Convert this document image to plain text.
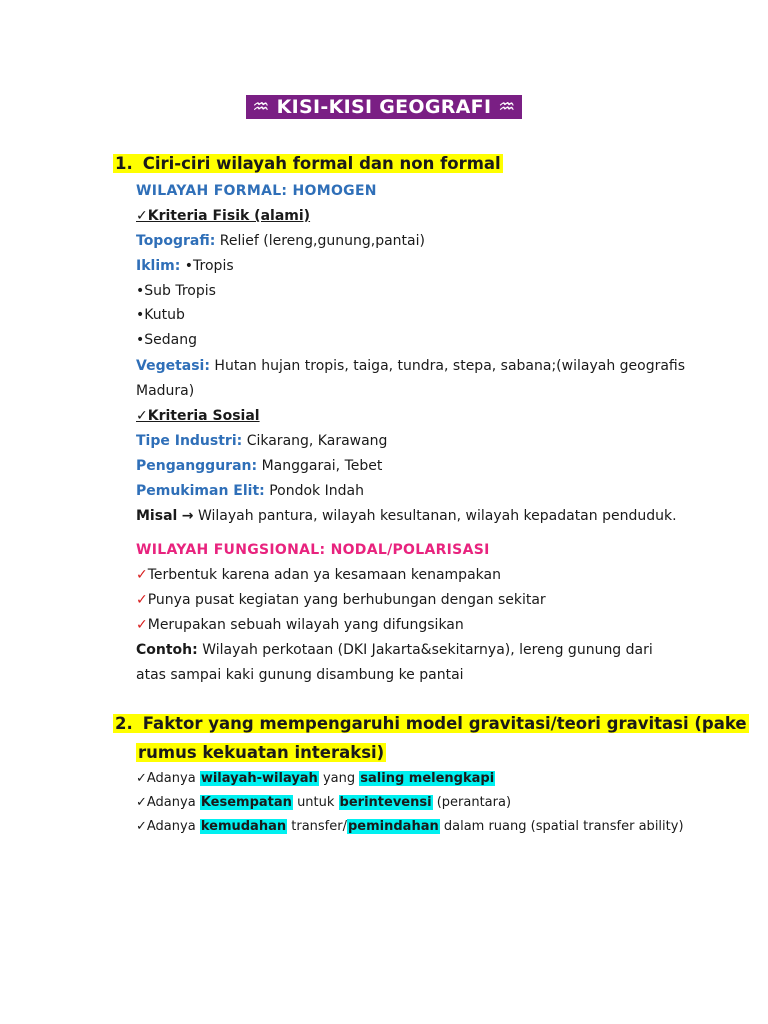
♒ KISI-KISI GEOGRAFI ♒
1. Ciri-ciri wilayah formal dan non formal
WILAYAH FORMAL: HOMOGEN
✓Kriteria Fisik (alami)
Topografi: Relief (lereng,gunung,pantai)
Iklim: •Tropis
•Sub Tropis
•Kutub
•Sedang
Vegetasi: Hutan hujan tropis, taiga, tundra, stepa, sabana;(wilayah geografis
Madura)
✓Kriteria Sosial
Tipe Industri: Cikarang, Karawang
Pengangguran: Manggarai, Tebet
Pemukiman Elit: Pondok Indah
Misal → Wilayah pantura, wilayah kesultanan, wilayah kepadatan penduduk.
WILAYAH FUNGSIONAL: NODAL/POLARISASI
✓Terbentuk karena adan ya kesamaan kenampakan
✓Punya pusat kegiatan yang berhubungan dengan sekitar
✓Merupakan sebuah wilayah yang difungsikan
Contoh: Wilayah perkotaan (DKI Jakarta&sekitarnya), lereng gunung dari
atas sampai kaki gunung disambung ke pantai
2. Faktor yang mempengaruhi model gravitasi/teori gravitasi (pake
rumus kekuatan interaksi)
✓Adanya wilayah-wilayah yang saling melengkapi
✓Adanya Kesempatan untuk berintevensi (perantara)
✓Adanya kemudahan transfer/pemindahan dalam ruang (spatial transfer ability)
